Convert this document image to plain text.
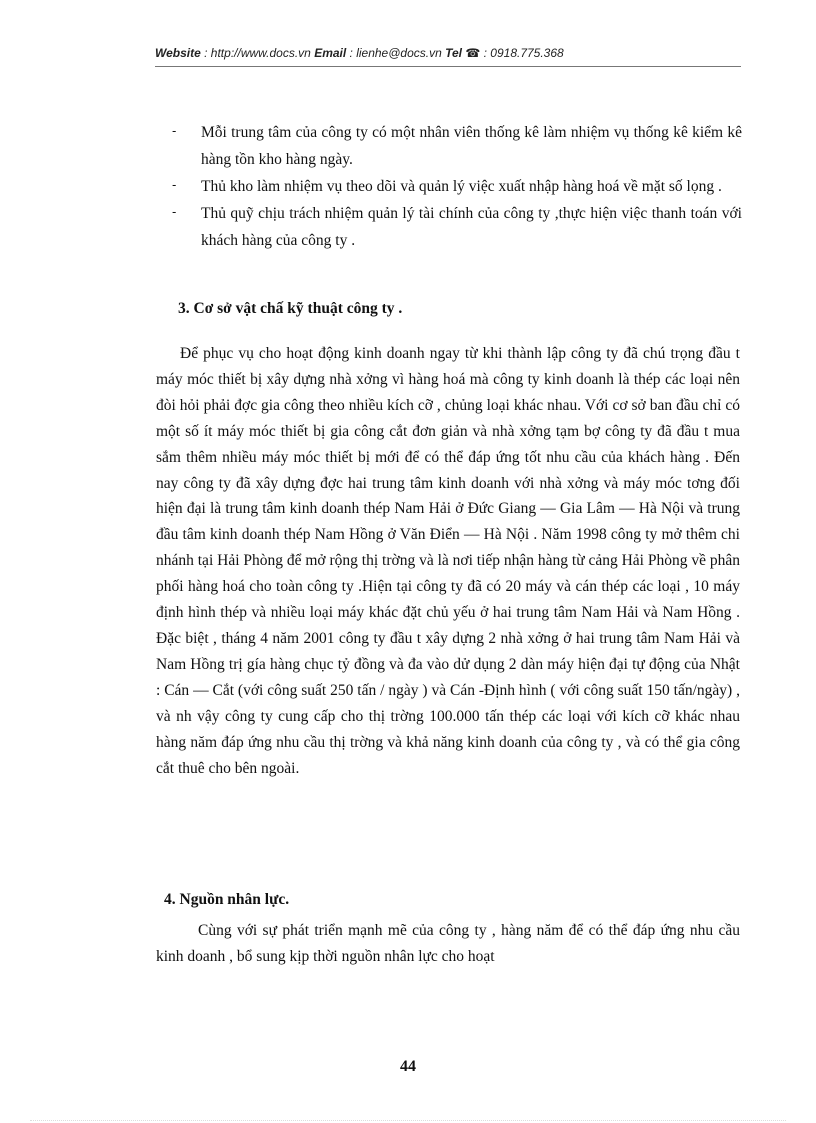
Website : http://www.docs.vn Email : lienhe@docs.vn Tel ☎ : 0918.775.368
- Mỗi trung tâm của công ty có một nhân viên thống kê làm nhiệm vụ thống kê kiểm kê hàng tồn kho hàng ngày.
- Thủ kho làm nhiệm vụ theo dõi và quản lý việc xuất nhập hàng hoá về mặt số lọng .
- Thủ quỹ chịu trách nhiệm quản lý tài chính của công ty ,thực hiện việc thanh toán với khách hàng của công ty .
3. Cơ sở vật chấ kỹ thuật công ty .
Để phục vụ cho hoạt động kinh doanh ngay từ khi thành lập công ty đã chú trọng đầu t máy móc thiết bị xây dựng nhà xởng vì hàng hoá mà công ty kinh doanh là thép các loại nên đòi hỏi phải đợc gia công theo nhiều kích cỡ , chủng loại khác nhau. Với cơ sở ban đầu chỉ có một số ít máy móc thiết bị gia công cắt đơn giản và nhà xởng tạm bợ công ty đã đầu t mua sắm thêm nhiều máy móc thiết bị mới để có thể đáp ứng tốt nhu cầu của khách hàng . Đến nay công ty đã xây dựng đợc hai trung tâm kinh doanh với nhà xởng và máy móc tơng đối hiện đại là trung tâm kinh doanh thép Nam Hải ở Đức Giang — Gia Lâm — Hà Nội và trung đầu tâm kinh doanh thép Nam Hồng ở Văn Điển — Hà Nội . Năm 1998 công ty mở thêm chi nhánh tại Hải Phòng để mở rộng thị trờng và là nơi tiếp nhận hàng từ cảng Hải Phòng về phân phối hàng hoá cho toàn công ty .Hiện tại công ty đã có 20 máy và cán thép các loại , 10 máy định hình thép và nhiều loại máy khác đặt chủ yếu ở hai trung tâm Nam Hải và Nam Hồng . Đặc biệt , tháng 4 năm 2001 công ty đầu t xây dựng 2 nhà xởng ở hai trung tâm Nam Hải và Nam Hồng trị gía hàng chục tỷ đồng và đa vào dử dụng 2 dàn máy hiện đại tự động của Nhật : Cán — Cắt (với công suất 250 tấn / ngày ) và Cán -Định hình ( với công suất 150 tấn/ngày) , và nh vậy công ty cung cấp cho thị trờng 100.000 tấn thép các loại với kích cỡ khác nhau hàng năm đáp ứng nhu cầu thị trờng và khả năng kinh doanh của công ty , và có thể gia công cắt thuê cho bên ngoài.
4. Nguồn nhân lực.
Cùng với sự phát triển mạnh mẽ của công ty , hàng năm để có thể đáp ứng nhu cầu kinh doanh , bổ sung kịp thời nguồn nhân lực cho hoạt
44
